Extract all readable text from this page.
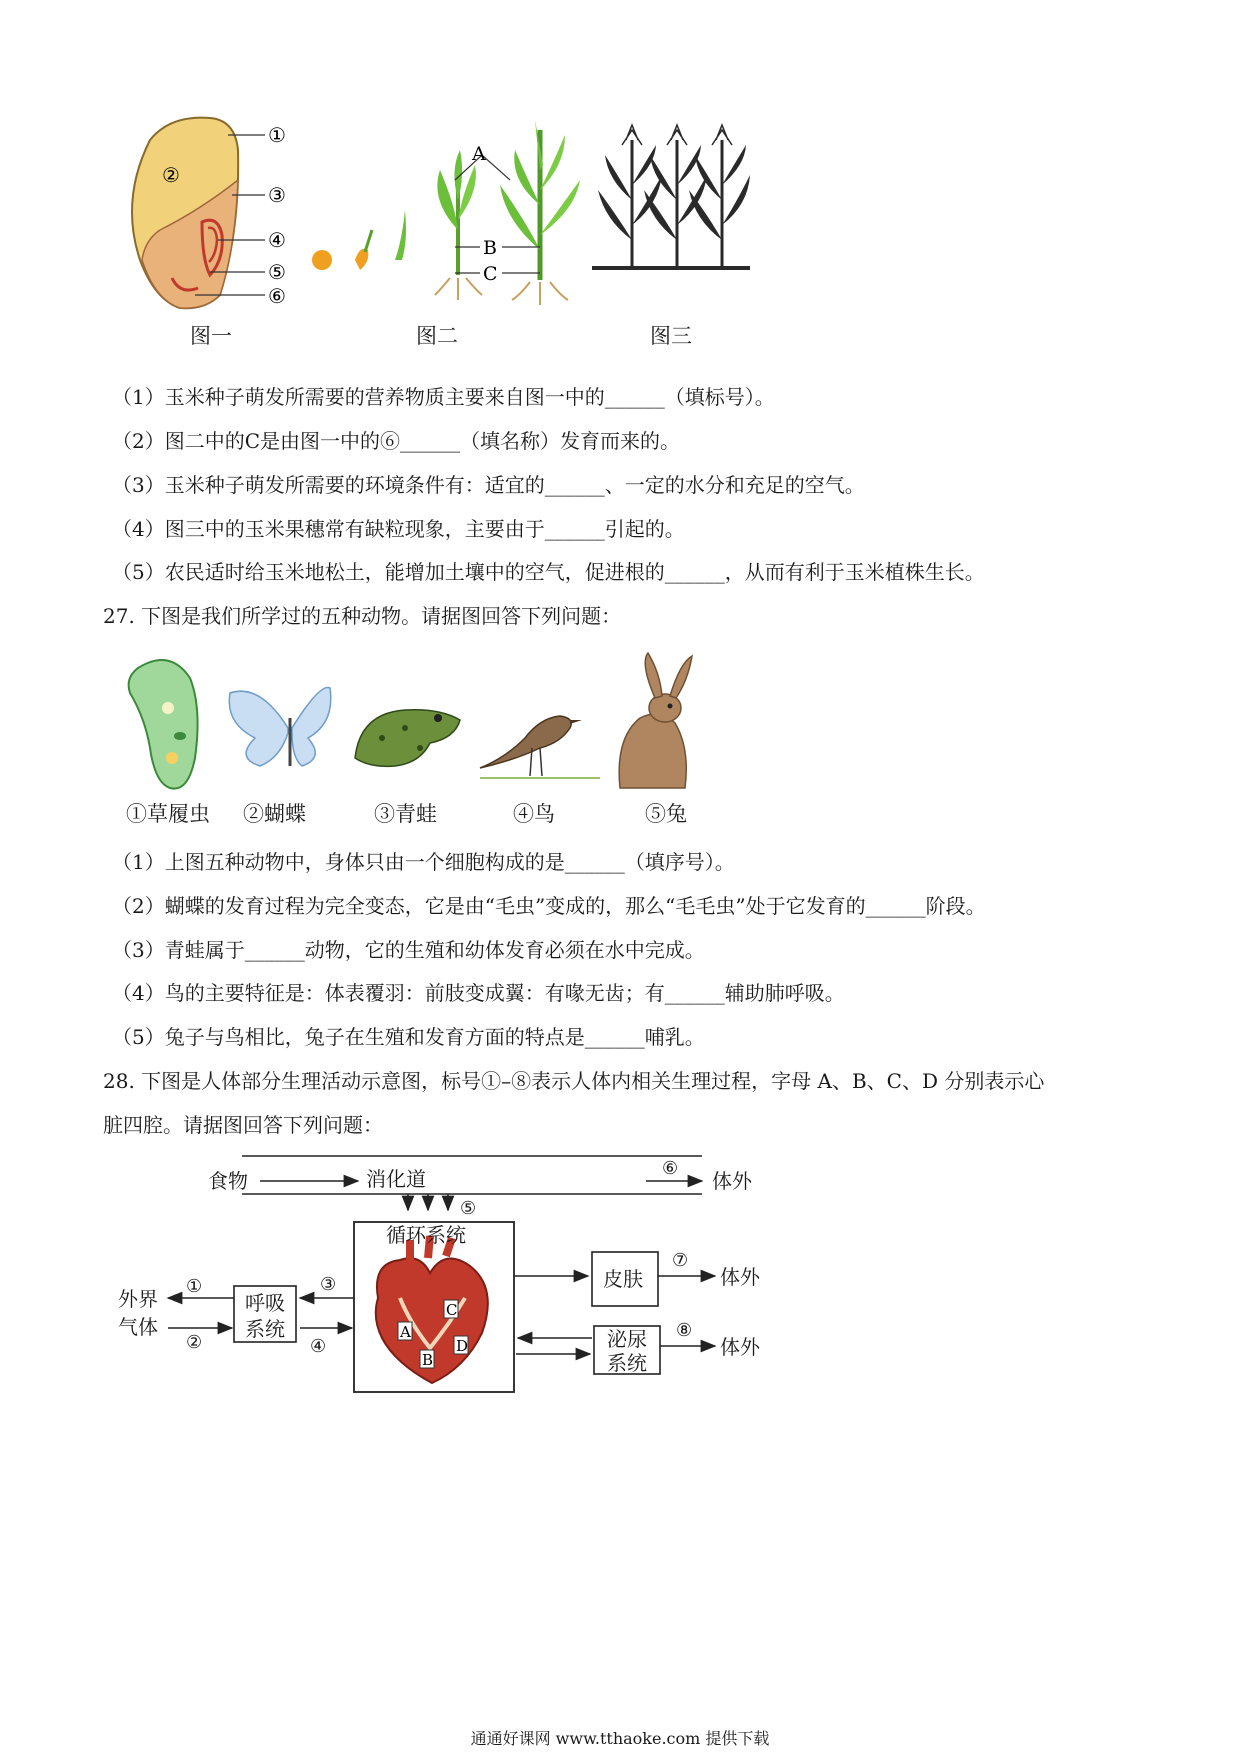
①
②
③
④
⑤
⑥
A
B
C
图一	图二	图三
（1）玉米种子萌发所需要的营养物质主要来自图一中的______（填标号）。
（2）图二中的C是由图一中的⑥______（填名称）发育而来的。
（3）玉米种子萌发所需要的环境条件有：适宜的______、一定的水分和充足的空气。
（4）图三中的玉米果穗常有缺粒现象，主要由于______引起的。
（5）农民适时给玉米地松土，能增加土壤中的空气，促进根的______，从而有利于玉米植株生长。
27. 下图是我们所学过的五种动物。请据图回答下列问题：
①草履虫 ②蝴蝶	③青蛙	④鸟	⑤兔
（1）上图五种动物中，身体只由一个细胞构成的是______（填序号）。
（2）蝴蝶的发育过程为完全变态，它是由“毛虫”变成的，那么“毛毛虫”处于它发育的______阶段。
（3）青蛙属于______动物，它的生殖和幼体发育必须在水中完成。
（4）鸟的主要特征是：体表覆羽：前肢变成翼：有喙无齿；有______辅助肺呼吸。
（5）兔子与鸟相比，兔子在生殖和发育方面的特点是______哺乳。
28. 下图是人体部分生理活动示意图，标号①–⑧表示人体内相关生理过程，字母 A、B、C、D 分别表示心
脏四腔。请据图回答下列问题：
A
B
C
D
食物	消化道	体外
循环系统
外界
气体
呼吸
系统
皮肤	体外
泌尿
系统
体外
①
②
③
④
⑤
⑥
⑦
⑧
通通好课网 www.tthaoke.com 提供下载
